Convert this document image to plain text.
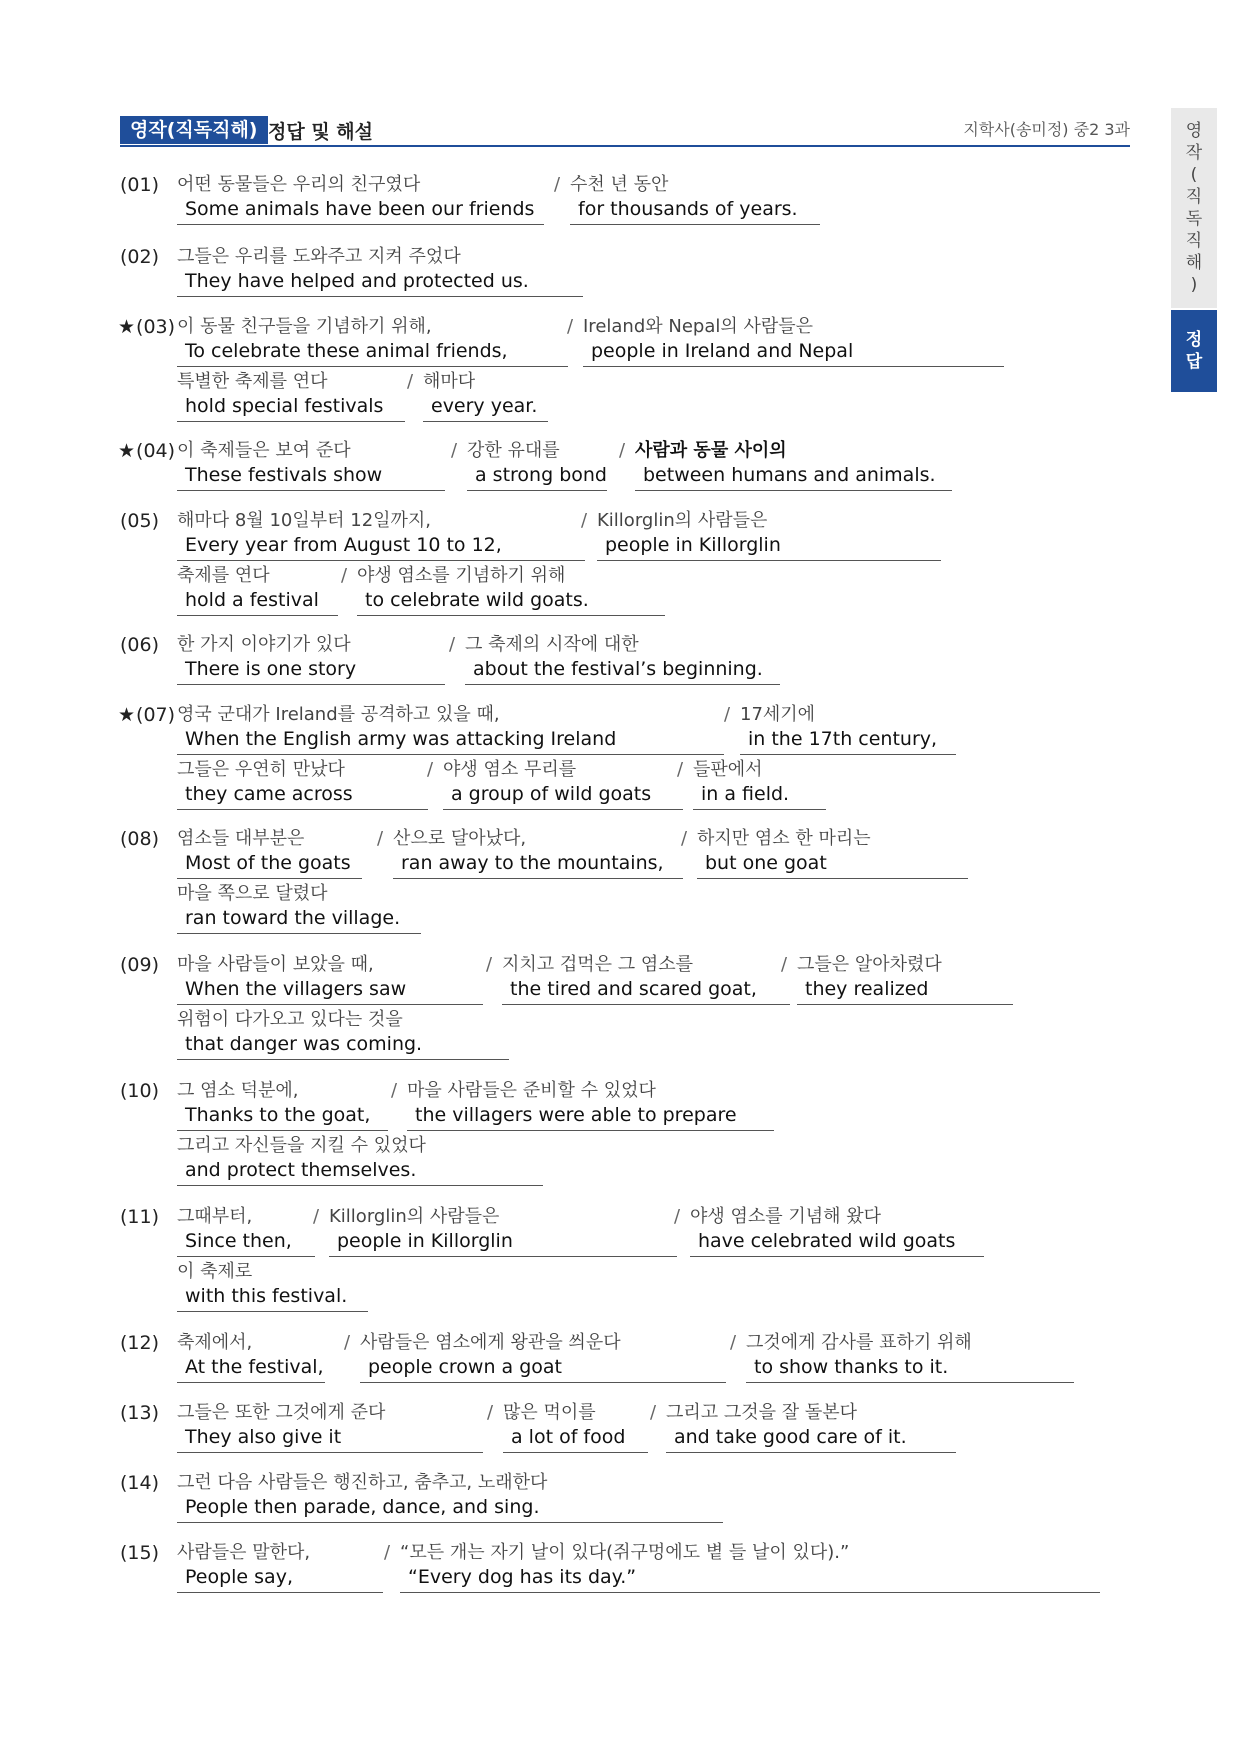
영작(직독직해) 정답 및 해설	지학사(송미정) 중2 3과	영
작
(
직
독
직
해
)
정
답
(01) 어떤 동물들은 우리의 친구였다
Some animals have been our friends
/ 수천 년 동안
for thousands of years.
(02) 그들은 우리를 도와주고 지켜 주었다
They have helped and protected us.
★(03) 이 동물 친구들을 기념하기 위해,
To celebrate these animal friends,
/ Ireland와 Nepal의 사람들은
people in Ireland and Nepal
특별한 축제를 연다
hold special festivals
/ 해마다
every year.
★(04) 이 축제들은 보여 준다
These festivals show
/ 강한 유대를
a strong bond
/ 사람과 동물 사이의
between humans and animals.
(05) 해마다 8월 10일부터 12일까지,
Every year from August 10 to 12,
/ Killorglin의 사람들은
people in Killorglin
축제를 연다
hold a festival
/ 야생 염소를 기념하기 위해
to celebrate wild goats.
(06) 한 가지 이야기가 있다
There is one story
/ 그 축제의 시작에 대한
about the festival’s beginning.
★(07) 영국 군대가 Ireland를 공격하고 있을 때,
When the English army was attacking Ireland
/ 17세기에
in the 17th century,
그들은 우연히 만났다
they came across
/ 야생 염소 무리를
a group of wild goats
/ 들판에서
in a field.
(08) 염소들 대부분은
Most of the goats
/ 산으로 달아났다,
ran away to the mountains,
/ 하지만 염소 한 마리는
but one goat
마을 쪽으로 달렸다
ran toward the village.
(09) 마을 사람들이 보았을 때,
When the villagers saw
/ 지치고 겁먹은 그 염소를
the tired and scared goat,
/ 그들은 알아차렸다
they realized
위험이 다가오고 있다는 것을
that danger was coming.
(10) 그 염소 덕분에,
Thanks to the goat,
/ 마을 사람들은 준비할 수 있었다
the villagers were able to prepare
그리고 자신들을 지킬 수 있었다
and protect themselves.
(11) 그때부터,
Since then,
/ Killorglin의 사람들은
people in Killorglin
/ 야생 염소를 기념해 왔다
have celebrated wild goats
이 축제로
with this festival.
(12) 축제에서,
At the festival,
/ 사람들은 염소에게 왕관을 씌운다
people crown a goat
/ 그것에게 감사를 표하기 위해
to show thanks to it.
(13) 그들은 또한 그것에게 준다
They also give it
/ 많은 먹이를
a lot of food
/ 그리고 그것을 잘 돌본다
and take good care of it.
(14) 그런 다음 사람들은 행진하고, 춤추고, 노래한다
People then parade, dance, and sing.
(15) 사람들은 말한다,
People say,
/ “모든 개는 자기 날이 있다(쥐구멍에도 볕 들 날이 있다).”
“Every dog has its day.”
